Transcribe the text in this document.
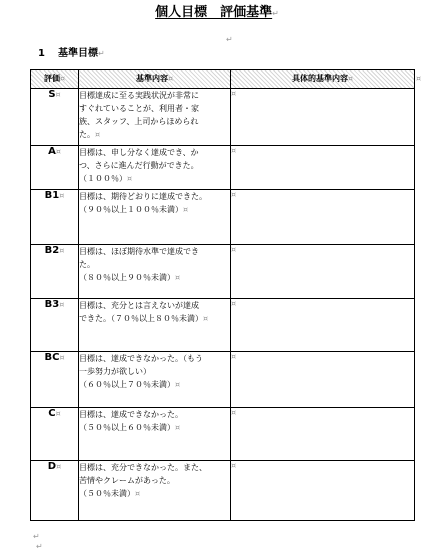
個人目標　評価基準↵
↵
1 基準目標↵
評価¤	基準内容¤	具体的基準内容¤
S¤	目標達成に至る実践状況が非常に
すぐれていることが、利用者・家
族、スタッフ、上司からほめられ
た。¤	¤
A¤	目標は、申し分なく達成でき、か
つ、さらに進んだ行動ができた。
（１００％）¤	¤
B1¤	目標は、期待どおりに達成できた。
（９０％以上１００％未満）¤	¤
B2¤	目標は、ほぼ期待水準で達成でき
た。
（８０％以上９０％未満）¤	¤
B3¤	目標は、充分とは言えないが達成
できた。（７０％以上８０％未満）¤	¤
BC¤	目標は、達成できなかった。（もう
一歩努力が欲しい）
（６０％以上７０％未満）¤	¤
C¤	目標は、達成できなかった。
（５０％以上６０％未満）¤	¤
D¤	目標は、充分できなかった。また、
苦情やクレームがあった。
（５０％未満）¤	¤
¤
↵
↵
